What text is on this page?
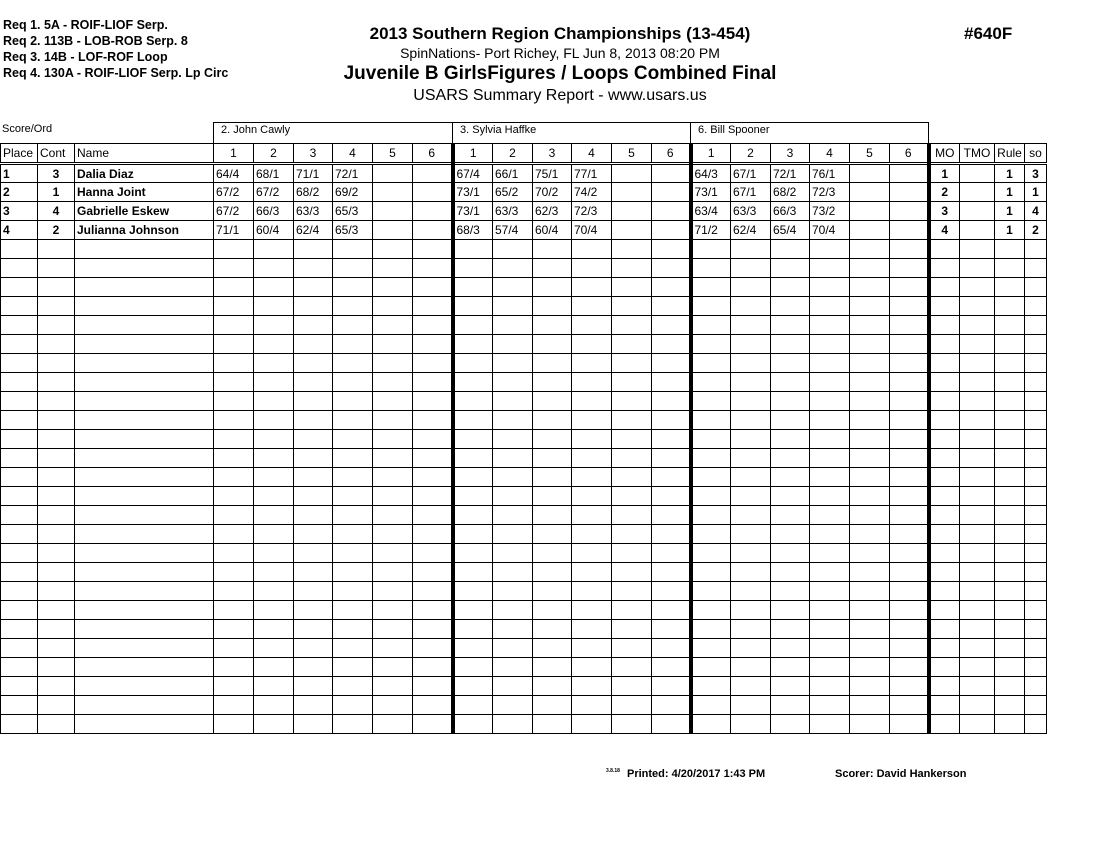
Req 1. 5A - ROIF-LIOF Serp.
Req 2. 113B - LOB-ROB Serp. 8
Req 3. 14B - LOF-ROF Loop
Req 4. 130A - ROIF-LIOF Serp. Lp Circ
2013 Southern Region Championships (13-454)
SpinNations- Port Richey, FL Jun 8, 2013 08:20 PM
Juvenile B GirlsFigures / Loops Combined Final
USARS Summary Report - www.usars.us
#640F
Score/Ord	2. John Cawly	3. Sylvia Haffke	6. Bill Spooner
Place	Cont	Name	1	2	3	4	5	6	1	2	3	4	5	6	1	2	3	4	5	6	MO	TMO	Rule	so
1	3	Dalia Diaz	64/4	68/1	71/1	72/1			67/4	66/1	75/1	77/1			64/3	67/1	72/1	76/1			1		1	3
2	1	Hanna Joint	67/2	67/2	68/2	69/2			73/1	65/2	70/2	74/2			73/1	67/1	68/2	72/3			2		1	1
3	4	Gabrielle Eskew	67/2	66/3	63/3	65/3			73/1	63/3	62/3	72/3			63/4	63/3	66/3	73/2			3		1	4
4	2	Julianna Johnson	71/1	60/4	62/4	65/3			68/3	57/4	60/4	70/4			71/2	62/4	65/4	70/4			4		1	2

3.8.18 Printed: 4/20/2017 1:43 PM	Scorer: David Hankerson
